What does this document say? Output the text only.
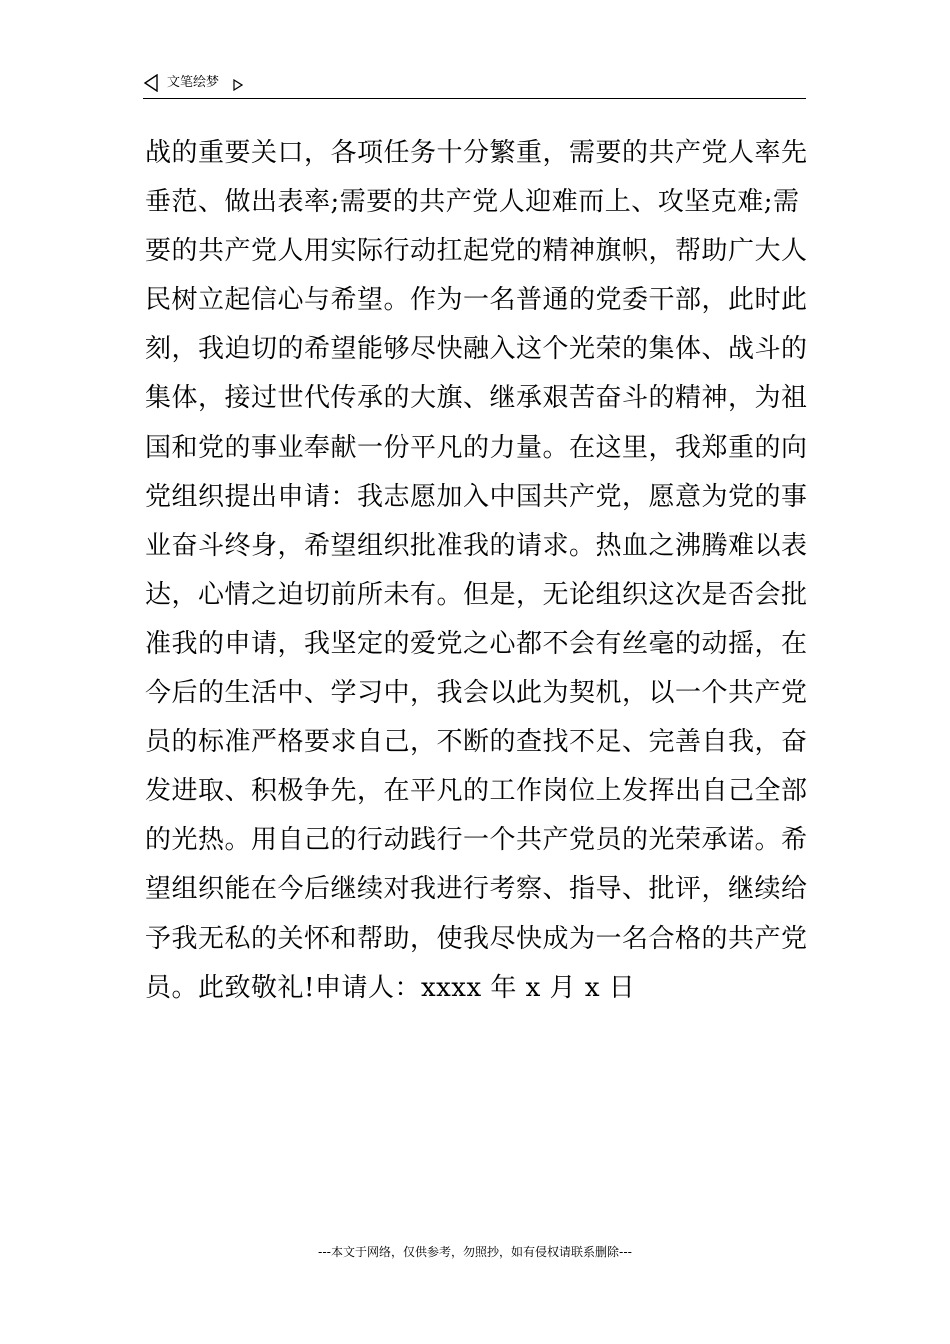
文笔绘梦
战的重要关口，各项任务十分繁重，需要的共产党人率先
垂范、做出表率;需要的共产党人迎难而上、攻坚克难;需
要的共产党人用实际行动扛起党的精神旗帜，帮助广大人
民树立起信心与希望。作为一名普通的党委干部，此时此
刻，我迫切的希望能够尽快融入这个光荣的集体、战斗的
集体，接过世代传承的大旗、继承艰苦奋斗的精神，为祖
国和党的事业奉献一份平凡的力量。在这里，我郑重的向
党组织提出申请：我志愿加入中国共产党，愿意为党的事
业奋斗终身，希望组织批准我的请求。热血之沸腾难以表
达，心情之迫切前所未有。但是，无论组织这次是否会批
准我的申请，我坚定的爱党之心都不会有丝毫的动摇，在
今后的生活中、学习中，我会以此为契机，以一个共产党
员的标准严格要求自己，不断的查找不足、完善自我，奋
发进取、积极争先，在平凡的工作岗位上发挥出自己全部
的光热。用自己的行动践行一个共产党员的光荣承诺。希
望组织能在今后继续对我进行考察、指导、批评，继续给
予我无私的关怀和帮助，使我尽快成为一名合格的共产党
员。此致敬礼!申请人：xxxx 年 x 月 x 日
---本文于网络，仅供参考，勿照抄，如有侵权请联系删除---
